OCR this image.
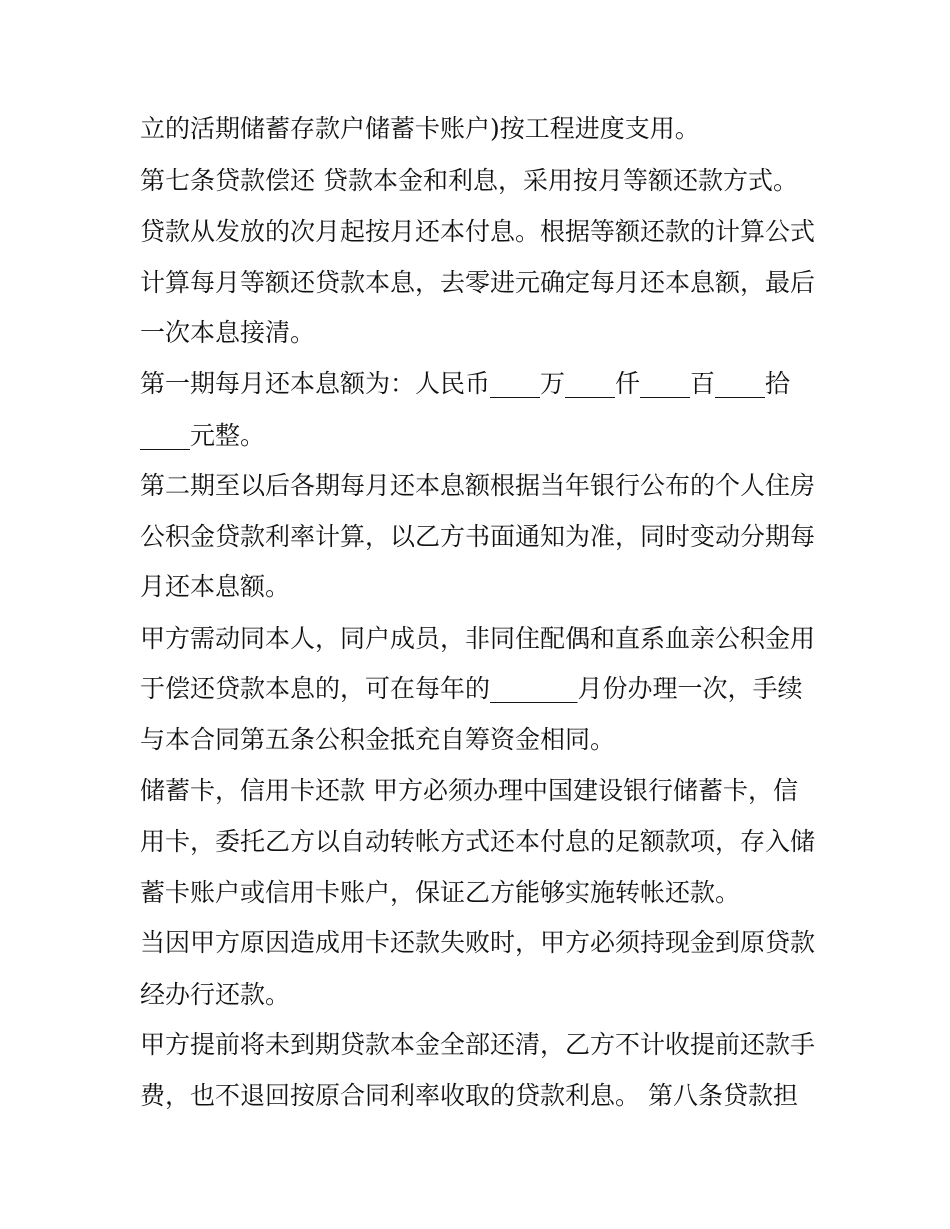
立的活期储蓄存款户储蓄卡账户)按工程进度支用。
第七条贷款偿还 贷款本金和利息，采用按月等额还款方式。
贷款从发放的次月起按月还本付息。根据等额还款的计算公式
计算每月等额还贷款本息，去零进元确定每月还本息额，最后
一次本息接清。
第一期每月还本息额为：人民币____万____仟____百____拾
____元整。
第二期至以后各期每月还本息额根据当年银行公布的个人住房
公积金贷款利率计算，以乙方书面通知为准，同时变动分期每
月还本息额。
甲方需动同本人，同户成员，非同住配偶和直系血亲公积金用
于偿还贷款本息的，可在每年的_______月份办理一次，手续
与本合同第五条公积金抵充自筹资金相同。
储蓄卡，信用卡还款 甲方必须办理中国建设银行储蓄卡，信
用卡，委托乙方以自动转帐方式还本付息的足额款项，存入储
蓄卡账户或信用卡账户，保证乙方能够实施转帐还款。
当因甲方原因造成用卡还款失败时，甲方必须持现金到原贷款
经办行还款。
甲方提前将未到期贷款本金全部还清，乙方不计收提前还款手
费，也不退回按原合同利率收取的贷款利息。 第八条贷款担
